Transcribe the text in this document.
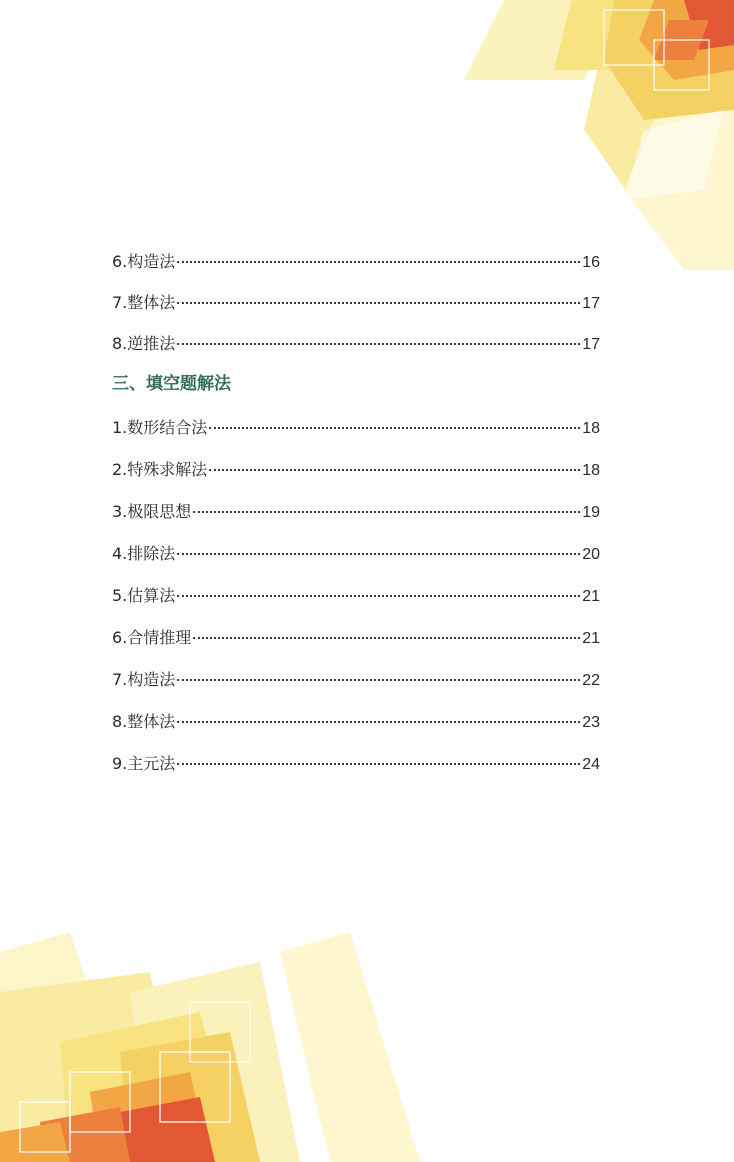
6.构造法	16
7.整体法	17
8.逆推法	17
三、填空题解法
1.数形结合法	18
2.特殊求解法	18
3.极限思想	19
4.排除法	20
5.估算法	21
6.合情推理	21
7.构造法	22
8.整体法	23
9.主元法	24
